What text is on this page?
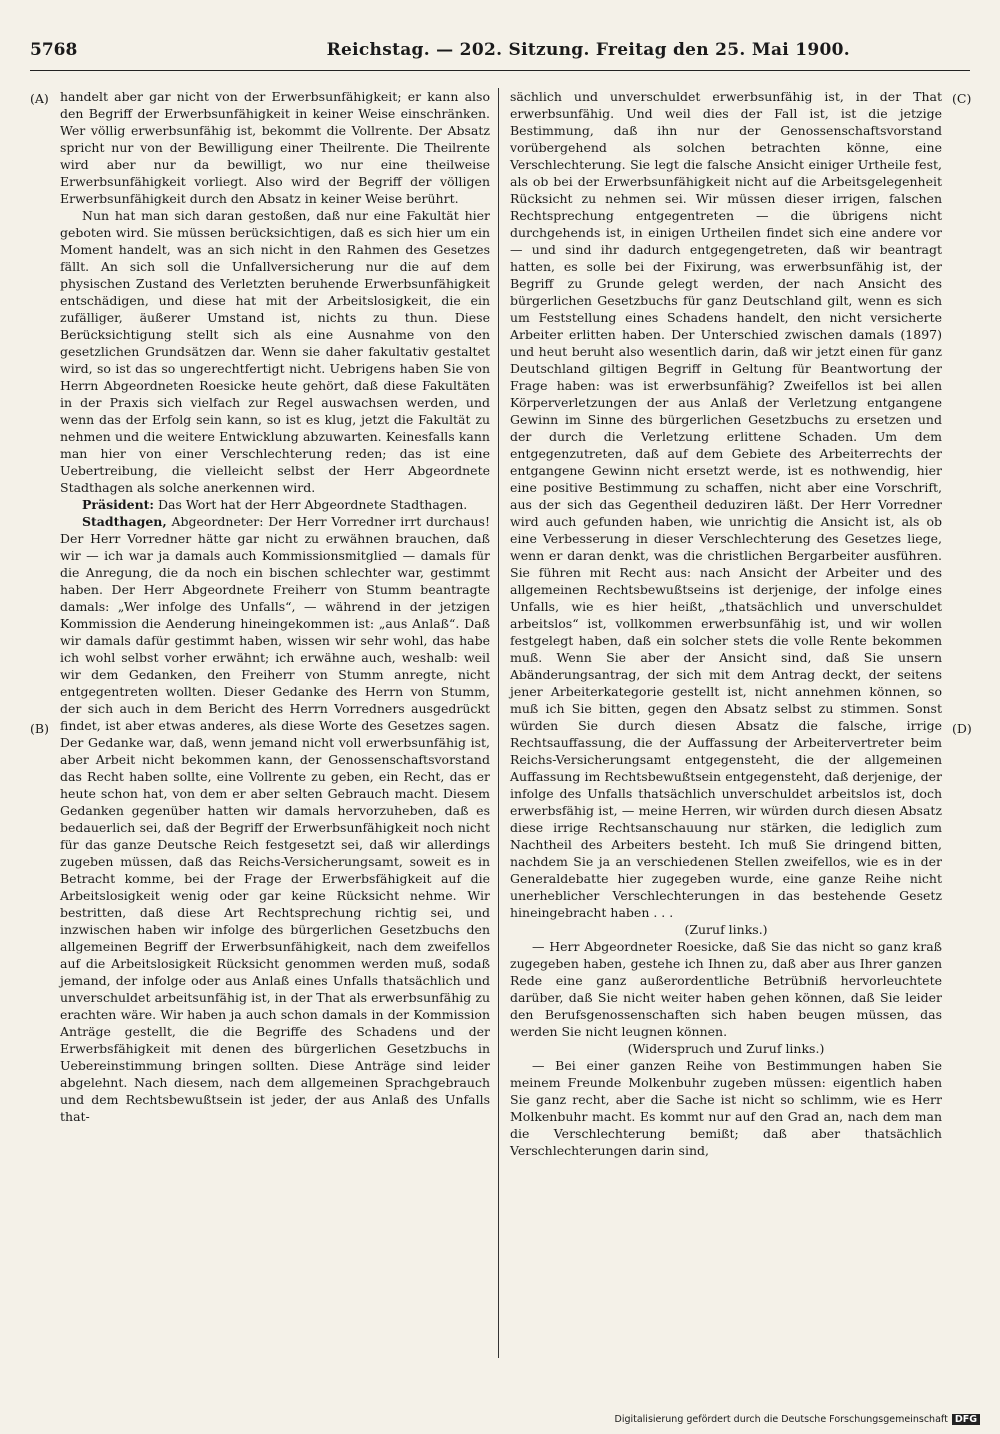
5768	Reichstag. — 202. Sitzung. Freitag den 25. Mai 1900.
(A)
(B)
(C)
(D)

handelt aber gar nicht von der Erwerbsunfähigkeit; er kann also den Begriff der Erwerbsunfähigkeit in keiner Weise einschränken. Wer völlig erwerbsunfähig ist, bekommt die Vollrente. Der Absatz spricht nur von der Bewilligung einer Theilrente. Die Theilrente wird aber nur da bewilligt, wo nur eine theilweise Erwerbsunfähigkeit vorliegt. Also wird der Begriff der völligen Erwerbsunfähigkeit durch den Absatz in keiner Weise berührt.

Nun hat man sich daran gestoßen, daß nur eine Fakultät hier geboten wird. Sie müssen berücksichtigen, daß es sich hier um ein Moment handelt, was an sich nicht in den Rahmen des Gesetzes fällt. An sich soll die Unfallversicherung nur die auf dem physischen Zustand des Verletzten beruhende Erwerbsunfähigkeit entschädigen, und diese hat mit der Arbeitslosigkeit, die ein zufälliger, äußerer Umstand ist, nichts zu thun. Diese Berücksichtigung stellt sich als eine Ausnahme von den gesetzlichen Grundsätzen dar. Wenn sie daher fakultativ gestaltet wird, so ist das so ungerechtfertigt nicht. Uebrigens haben Sie von Herrn Abgeordneten Roesicke heute gehört, daß diese Fakultäten in der Praxis sich vielfach zur Regel auswachsen werden, und wenn das der Erfolg sein kann, so ist es klug, jetzt die Fakultät zu nehmen und die weitere Entwicklung abzuwarten. Keinesfalls kann man hier von einer Verschlechterung reden; das ist eine Uebertreibung, die vielleicht selbst der Herr Abgeordnete Stadthagen als solche anerkennen wird.

Präsident: Das Wort hat der Herr Abgeordnete Stadthagen.

Stadthagen, Abgeordneter: Der Herr Vorredner irrt durchaus! Der Herr Vorredner hätte gar nicht zu erwähnen brauchen, daß wir — ich war ja damals auch Kommissionsmitglied — damals für die Anregung, die da noch ein bischen schlechter war, gestimmt haben. Der Herr Abgeordnete Freiherr von Stumm beantragte damals: „Wer infolge des Unfalls“, — während in der jetzigen Kommission die Aenderung hineingekommen ist: „aus Anlaß“. Daß wir damals dafür gestimmt haben, wissen wir sehr wohl, das habe ich wohl selbst vorher erwähnt; ich erwähne auch, weshalb: weil wir dem Gedanken, den Freiherr von Stumm anregte, nicht entgegentreten wollten. Dieser Gedanke des Herrn von Stumm, der sich auch in dem Bericht des Herrn Vorredners ausgedrückt findet, ist aber etwas anderes, als diese Worte des Gesetzes sagen. Der Gedanke war, daß, wenn jemand nicht voll erwerbsunfähig ist, aber Arbeit nicht bekommen kann, der Genossenschaftsvorstand das Recht haben sollte, eine Vollrente zu geben, ein Recht, das er heute schon hat, von dem er aber selten Gebrauch macht. Diesem Gedanken gegenüber hatten wir damals hervorzuheben, daß es bedauerlich sei, daß der Begriff der Erwerbsunfähigkeit noch nicht für das ganze Deutsche Reich festgesetzt sei, daß wir allerdings zugeben müssen, daß das Reichs-Versicherungsamt, soweit es in Betracht komme, bei der Frage der Erwerbsfähigkeit auf die Arbeitslosigkeit wenig oder gar keine Rücksicht nehme. Wir bestritten, daß diese Art Rechtsprechung richtig sei, und inzwischen haben wir infolge des bürgerlichen Gesetzbuchs den allgemeinen Begriff der Erwerbsunfähigkeit, nach dem zweifellos auf die Arbeitslosigkeit Rücksicht genommen werden muß, sodaß jemand, der infolge oder aus Anlaß eines Unfalls thatsächlich und unverschuldet arbeitsunfähig ist, in der That als erwerbsunfähig zu erachten wäre. Wir haben ja auch schon damals in der Kommission Anträge gestellt, die die Begriffe des Schadens und der Erwerbsfähigkeit mit denen des bürgerlichen Gesetzbuchs in Uebereinstimmung bringen sollten. Diese Anträge sind leider abgelehnt. Nach diesem, nach dem allgemeinen Sprachgebrauch und dem Rechtsbewußtsein ist jeder, der aus Anlaß des Unfalls that-

sächlich und unverschuldet erwerbsunfähig ist, in der That erwerbsunfähig. Und weil dies der Fall ist, ist die jetzige Bestimmung, daß ihn nur der Genossenschaftsvorstand vorübergehend als solchen betrachten könne, eine Verschlechterung. Sie legt die falsche Ansicht einiger Urtheile fest, als ob bei der Erwerbsunfähigkeit nicht auf die Arbeitsgelegenheit Rücksicht zu nehmen sei. Wir müssen dieser irrigen, falschen Rechtsprechung entgegentreten — die übrigens nicht durchgehends ist, in einigen Urtheilen findet sich eine andere vor — und sind ihr dadurch entgegengetreten, daß wir beantragt hatten, es solle bei der Fixirung, was erwerbsunfähig ist, der Begriff zu Grunde gelegt werden, der nach Ansicht des bürgerlichen Gesetzbuchs für ganz Deutschland gilt, wenn es sich um Feststellung eines Schadens handelt, den nicht versicherte Arbeiter erlitten haben. Der Unterschied zwischen damals (1897) und heut beruht also wesentlich darin, daß wir jetzt einen für ganz Deutschland giltigen Begriff in Geltung für Beantwortung der Frage haben: was ist erwerbsunfähig? Zweifellos ist bei allen Körperverletzungen der aus Anlaß der Verletzung entgangene Gewinn im Sinne des bürgerlichen Gesetzbuchs zu ersetzen und der durch die Verletzung erlittene Schaden. Um dem entgegenzutreten, daß auf dem Gebiete des Arbeiterrechts der entgangene Gewinn nicht ersetzt werde, ist es nothwendig, hier eine positive Bestimmung zu schaffen, nicht aber eine Vorschrift, aus der sich das Gegentheil deduziren läßt. Der Herr Vorredner wird auch gefunden haben, wie unrichtig die Ansicht ist, als ob eine Verbesserung in dieser Verschlechterung des Gesetzes liege, wenn er daran denkt, was die christlichen Bergarbeiter ausführen. Sie führen mit Recht aus: nach Ansicht der Arbeiter und des allgemeinen Rechtsbewußtseins ist derjenige, der infolge eines Unfalls, wie es hier heißt, „thatsächlich und unverschuldet arbeitslos“ ist, vollkommen erwerbsunfähig ist, und wir wollen festgelegt haben, daß ein solcher stets die volle Rente bekommen muß. Wenn Sie aber der Ansicht sind, daß Sie unsern Abänderungsantrag, der sich mit dem Antrag deckt, der seitens jener Arbeiterkategorie gestellt ist, nicht annehmen können, so muß ich Sie bitten, gegen den Absatz selbst zu stimmen. Sonst würden Sie durch diesen Absatz die falsche, irrige Rechtsauffassung, die der Auffassung der Arbeitervertreter beim Reichs-Versicherungsamt entgegensteht, die der allgemeinen Auffassung im Rechtsbewußtsein entgegensteht, daß derjenige, der infolge des Unfalls thatsächlich unverschuldet arbeitslos ist, doch erwerbsfähig ist, — meine Herren, wir würden durch diesen Absatz diese irrige Rechtsanschauung nur stärken, die lediglich zum Nachtheil des Arbeiters besteht. Ich muß Sie dringend bitten, nachdem Sie ja an verschiedenen Stellen zweifellos, wie es in der Generaldebatte hier zugegeben wurde, eine ganze Reihe nicht unerheblicher Verschlechterungen in das bestehende Gesetz hineingebracht haben . . .

(Zuruf links.)

— Herr Abgeordneter Roesicke, daß Sie das nicht so ganz kraß zugegeben haben, gestehe ich Ihnen zu, daß aber aus Ihrer ganzen Rede eine ganz außerordentliche Betrübniß hervorleuchtete darüber, daß Sie nicht weiter haben gehen können, daß Sie leider den Berufsgenossenschaften sich haben beugen müssen, das werden Sie nicht leugnen können.

(Widerspruch und Zuruf links.)

— Bei einer ganzen Reihe von Bestimmungen haben Sie meinem Freunde Molkenbuhr zugeben müssen: eigentlich haben Sie ganz recht, aber die Sache ist nicht so schlimm, wie es Herr Molkenbuhr macht. Es kommt nur auf den Grad an, nach dem man die Verschlechterung bemißt; daß aber thatsächlich Verschlechterungen darin sind,

Digitalisierung gefördert durch die Deutsche Forschungsgemeinschaft DFG
